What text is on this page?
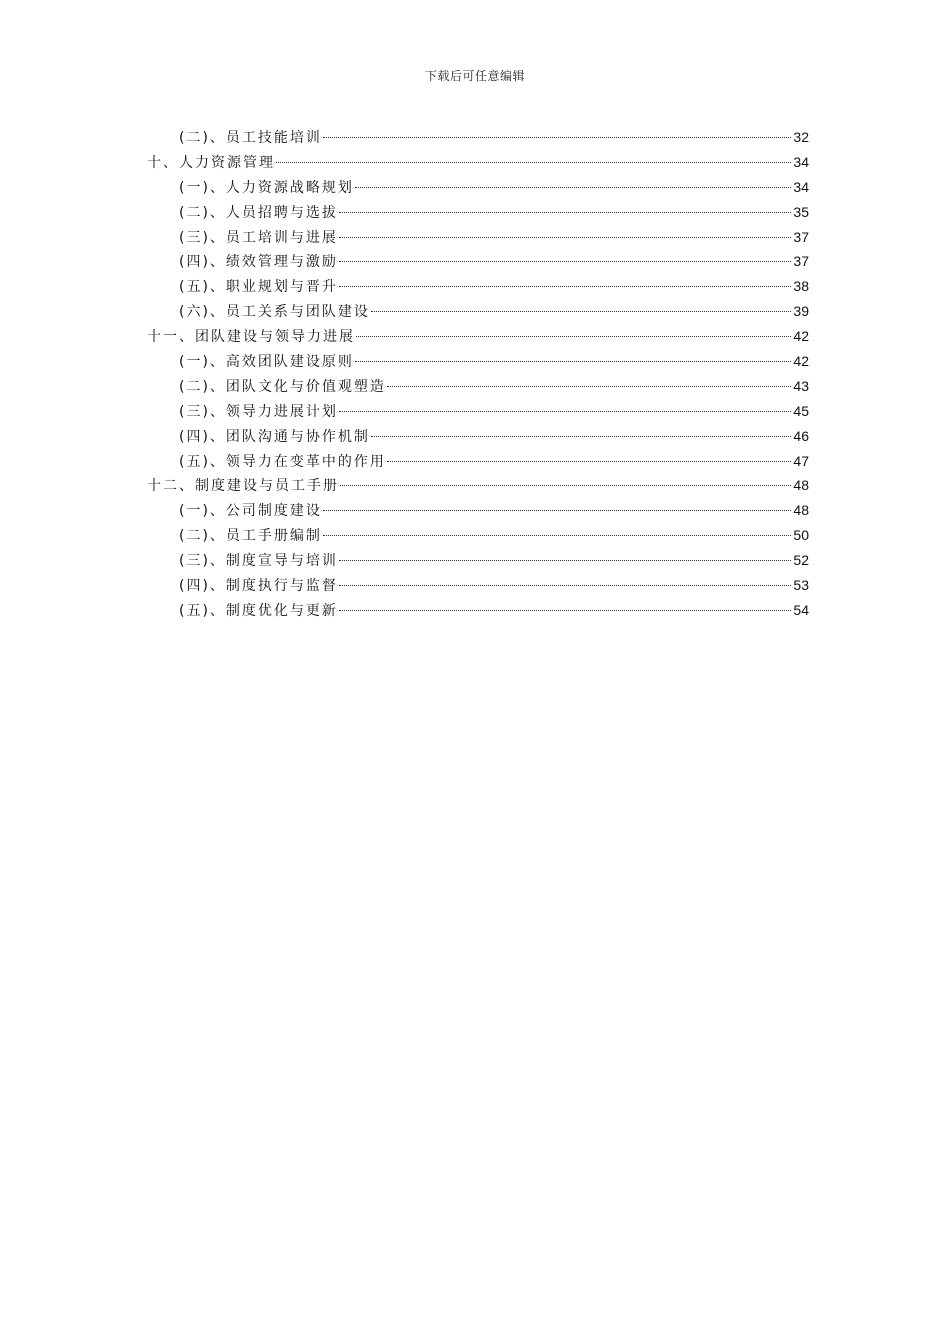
下载后可任意编辑
(二)、员工技能培训	32
十、人力资源管理	34
(一)、人力资源战略规划	34
(二)、人员招聘与选拔	35
(三)、员工培训与进展	37
(四)、绩效管理与激励	37
(五)、职业规划与晋升	38
(六)、员工关系与团队建设	39
十一、团队建设与领导力进展	42
(一)、高效团队建设原则	42
(二)、团队文化与价值观塑造	43
(三)、领导力进展计划	45
(四)、团队沟通与协作机制	46
(五)、领导力在变革中的作用	47
十二、制度建设与员工手册	48
(一)、公司制度建设	48
(二)、员工手册编制	50
(三)、制度宣导与培训	52
(四)、制度执行与监督	53
(五)、制度优化与更新	54
